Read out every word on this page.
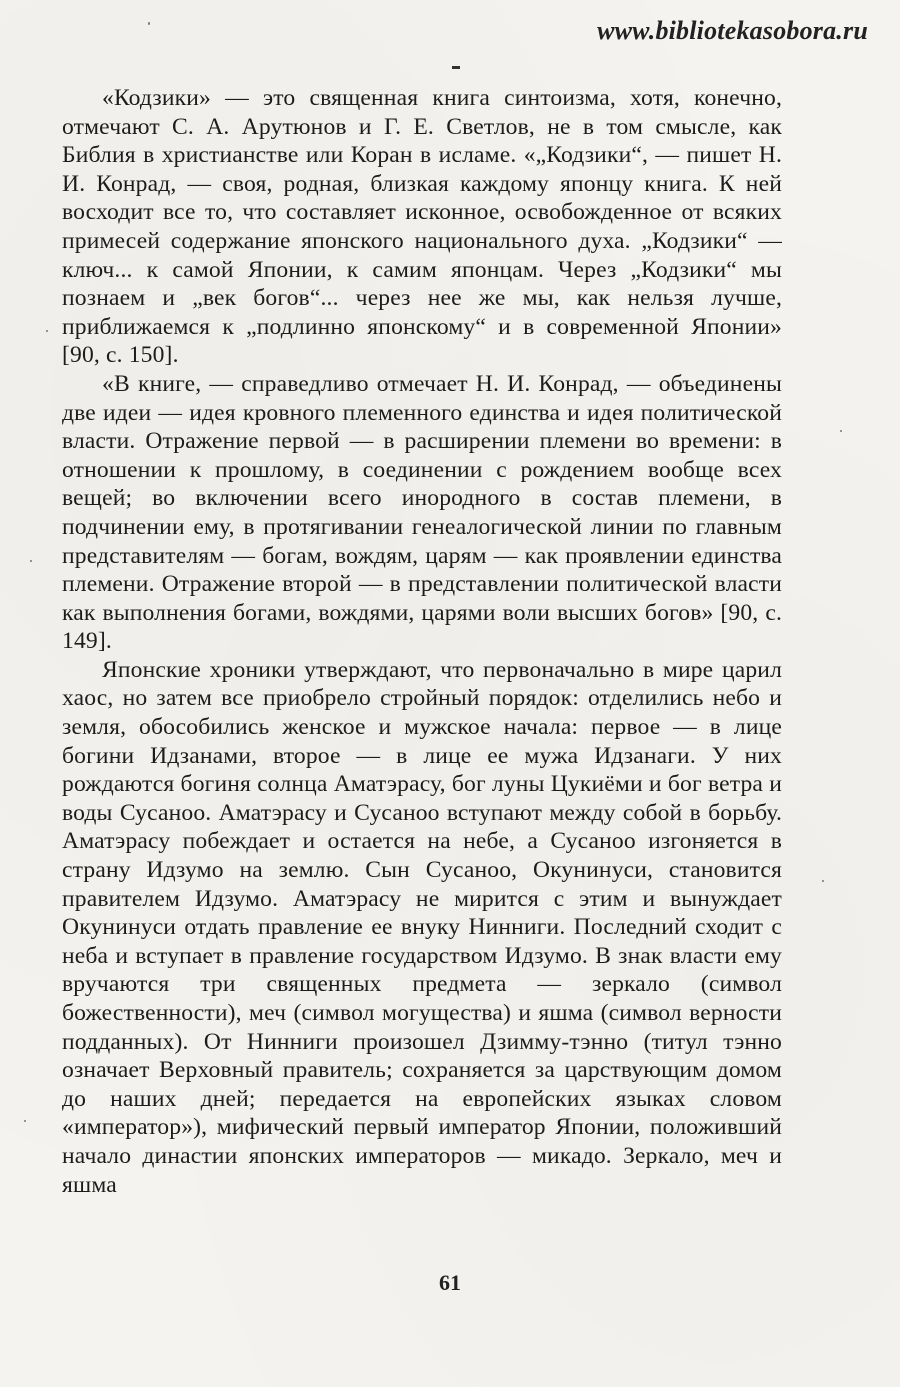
www.bibliotekasobora.ru

«Кодзики» — это священная книга синтоизма, хотя, конечно, отмечают С. А. Арутюнов и Г. Е. Светлов, не в том смысле, как Библия в христианстве или Коран в исламе. «„Кодзики“, — пишет Н. И. Конрад, — своя, родная, близкая каждому японцу книга. К ней восходит все то, что составляет исконное, освобожденное от всяких примесей содержание японского национального духа. „Кодзики“ — ключ... к самой Японии, к самим японцам. Через „Кодзики“ мы познаем и „век богов“... через нее же мы, как нельзя лучше, приближаемся к „подлинно японскому“ и в современной Японии» [90, с. 150].

«В книге, — справедливо отмечает Н. И. Конрад, — объединены две идеи — идея кровного племенного единства и идея политической власти. Отражение первой — в расширении племени во времени: в отношении к прошлому, в соединении с рождением вообще всех вещей; во включении всего инородного в состав племени, в подчинении ему, в протягивании генеалогической линии по главным представителям — богам, вождям, царям — как проявлении единства племени. Отражение второй — в представлении политической власти как выполнения богами, вождями, царями воли высших богов» [90, с. 149].

Японские хроники утверждают, что первоначально в мире царил хаос, но затем все приобрело стройный порядок: отделились небо и земля, обособились женское и мужское начала: первое — в лице богини Идзанами, второе — в лице ее мужа Идзанаги. У них рождаются богиня солнца Аматэрасу, бог луны Цукиёми и бог ветра и воды Сусаноо. Аматэрасу и Сусаноо вступают между собой в борьбу. Аматэрасу побеждает и остается на небе, а Сусаноо изгоняется в страну Идзумо на землю. Сын Сусаноо, Окунинуси, становится правителем Идзумо. Аматэрасу не мирится с этим и вынуждает Окунинуси отдать правление ее внуку Нинниги. Последний сходит с неба и вступает в правление государством Идзумо. В знак власти ему вручаются три священных предмета — зеркало (символ божественности), меч (символ могущества) и яшма (символ верности подданных). От Нинниги произошел Дзимму-тэнно (титул тэнно означает Верховный правитель; сохраняется за царствующим домом до наших дней; передается на европейских языках словом «император»), мифический первый император Японии, положивший начало династии японских императоров — микадо. Зеркало, меч и яшма

61
